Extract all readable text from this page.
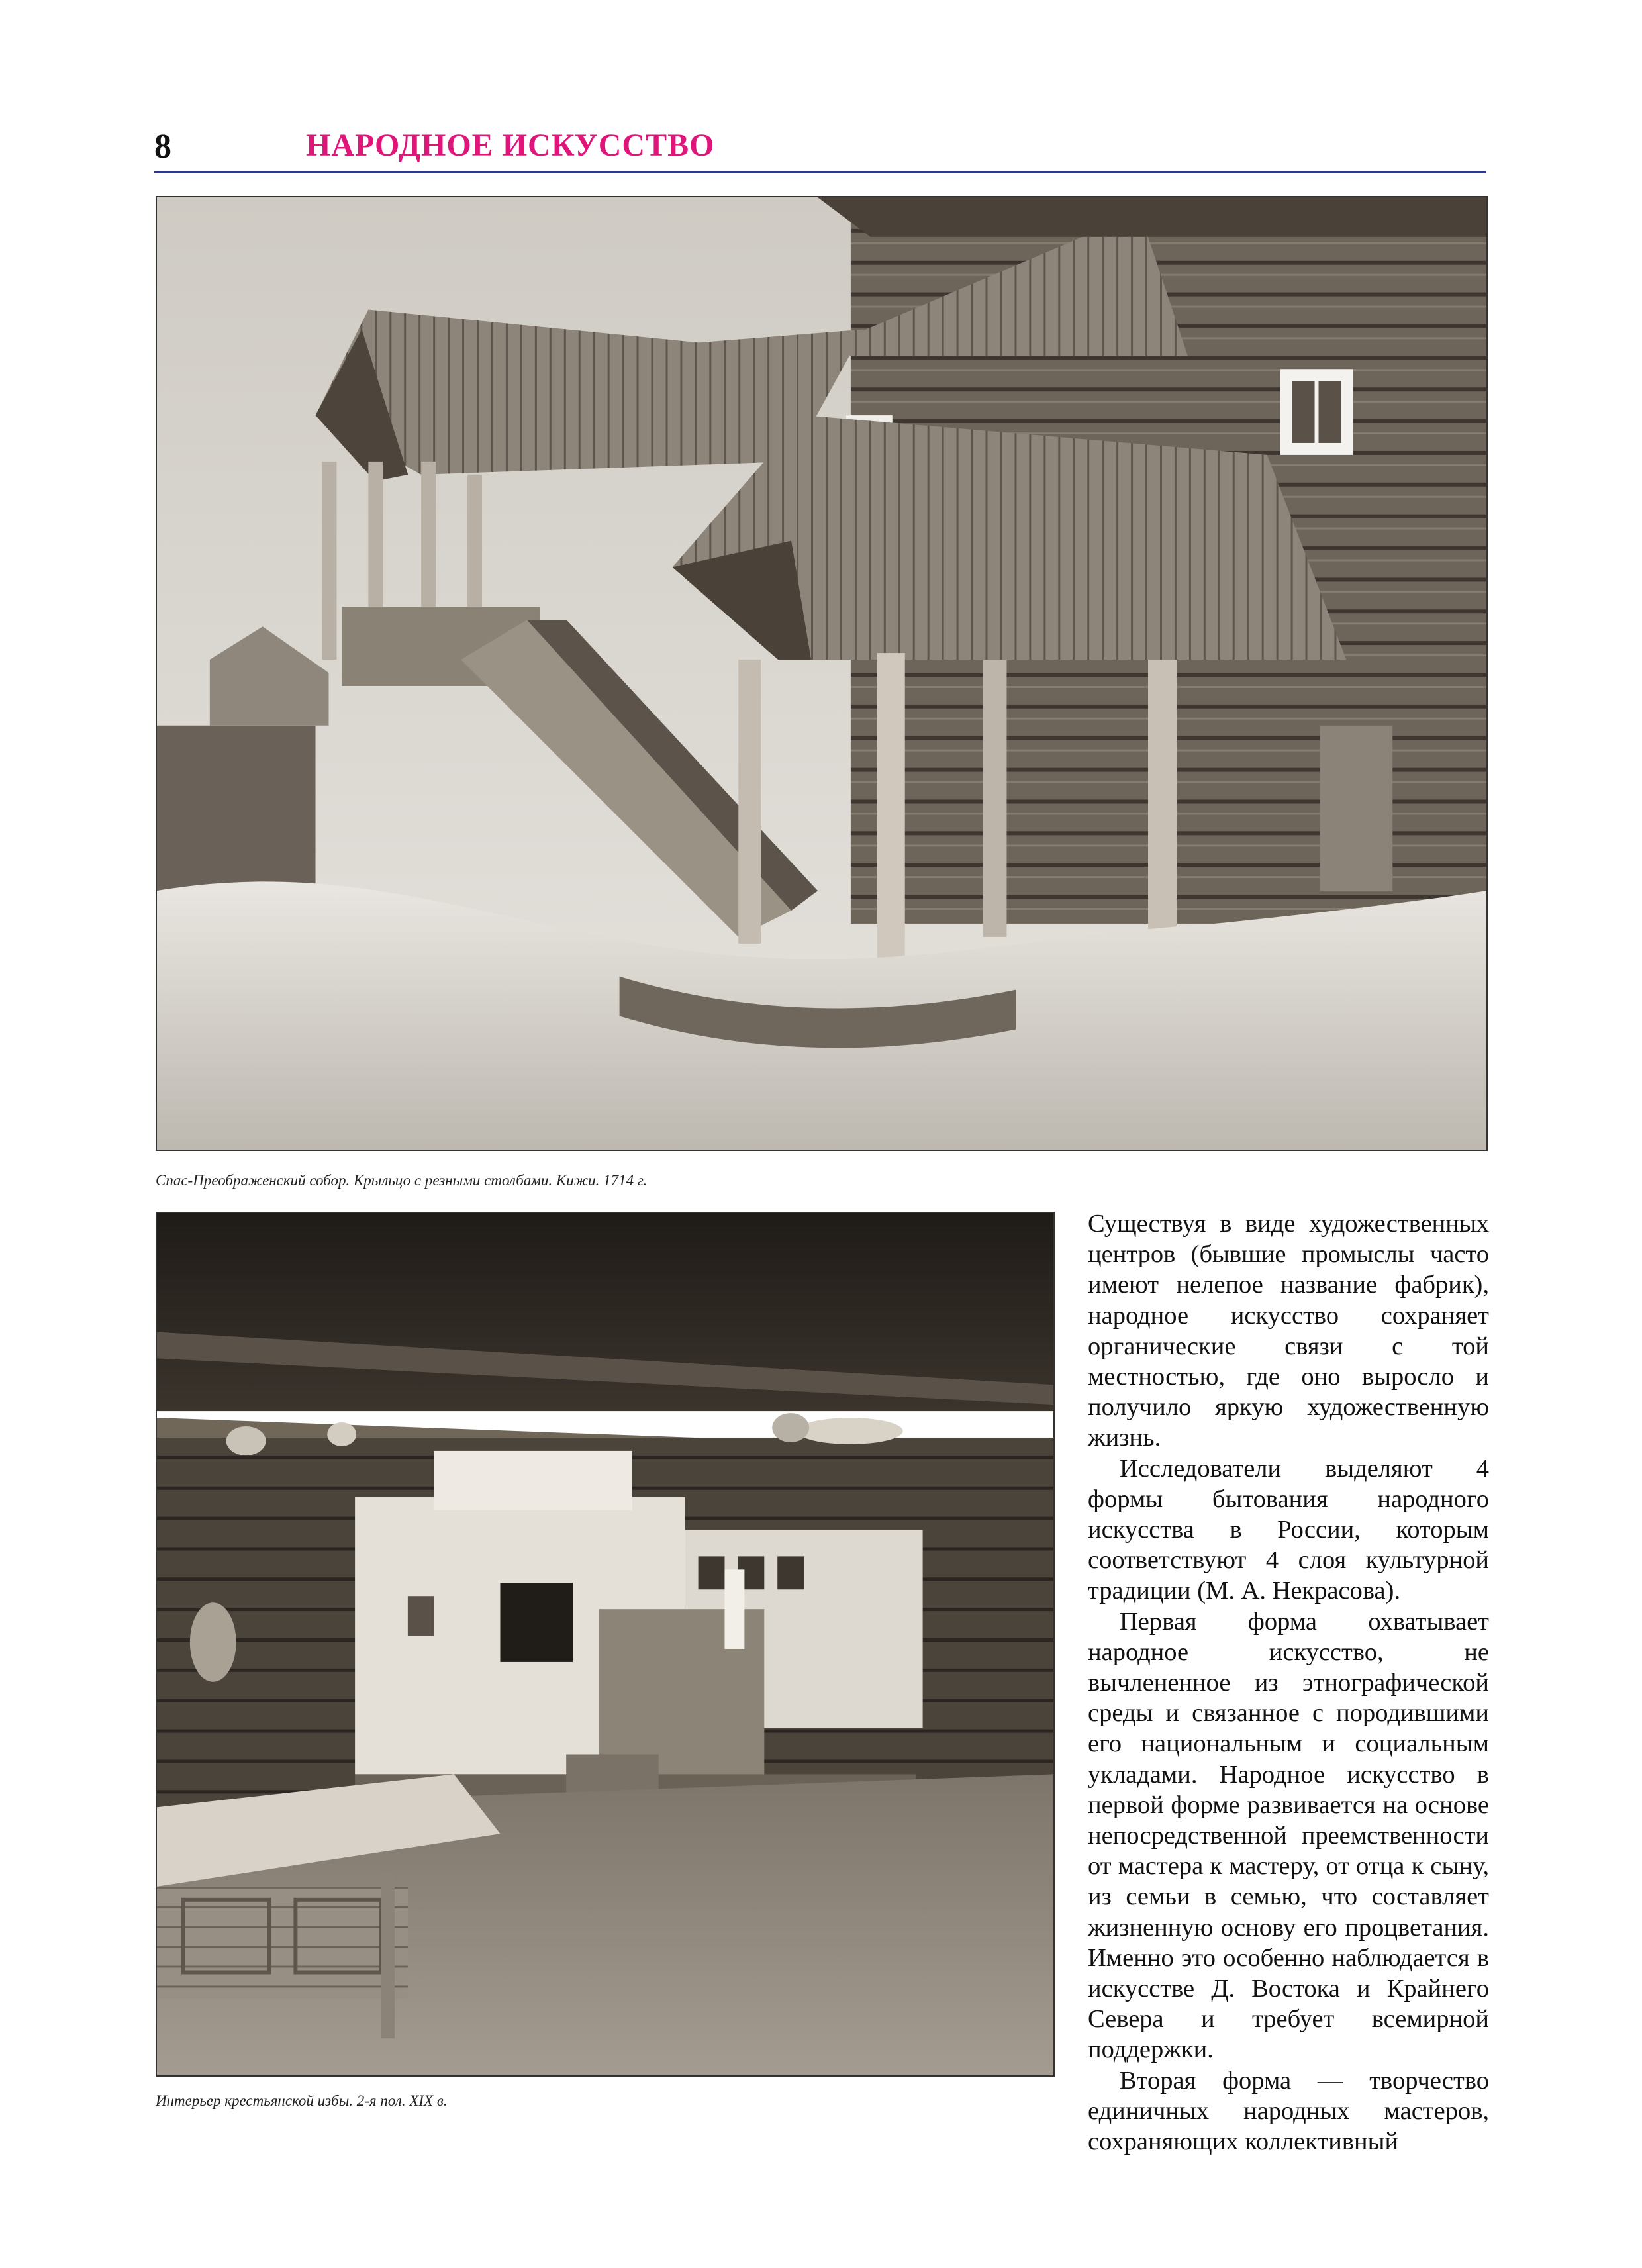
8	НАРОДНОЕ ИСКУССТВО
Спас-Преображенский собор. Крыльцо с резными столбами. Кижи. 1714 г.
Интерьер крестьянской избы. 2-я пол. XIX в.

Существуя в виде художественных центров (бывшие промыслы часто имеют нелепое название фабрик), народное искусство сохраняет органические связи с той местностью, где оно выросло и получило яркую художественную жизнь.

Исследователи выделяют 4 формы бытования народного искусства в России, которым соответствуют 4 слоя культурной традиции (М. А. Некрасова).

Первая форма охватывает народное искусство, не вычлененное из этнографической среды и связанное с породившими его национальным и социальным укладами. Народное искусство в первой форме развивается на основе непосредственной преемственности от мастера к мастеру, от отца к сыну, из семьи в семью, что составляет жизненную основу его процветания. Именно это особенно наблюдается в искусстве Д. Востока и Крайнего Севера и требует всемирной поддержки.

Вторая форма — творчество единичных народных мастеров, сохраняющих коллективный
